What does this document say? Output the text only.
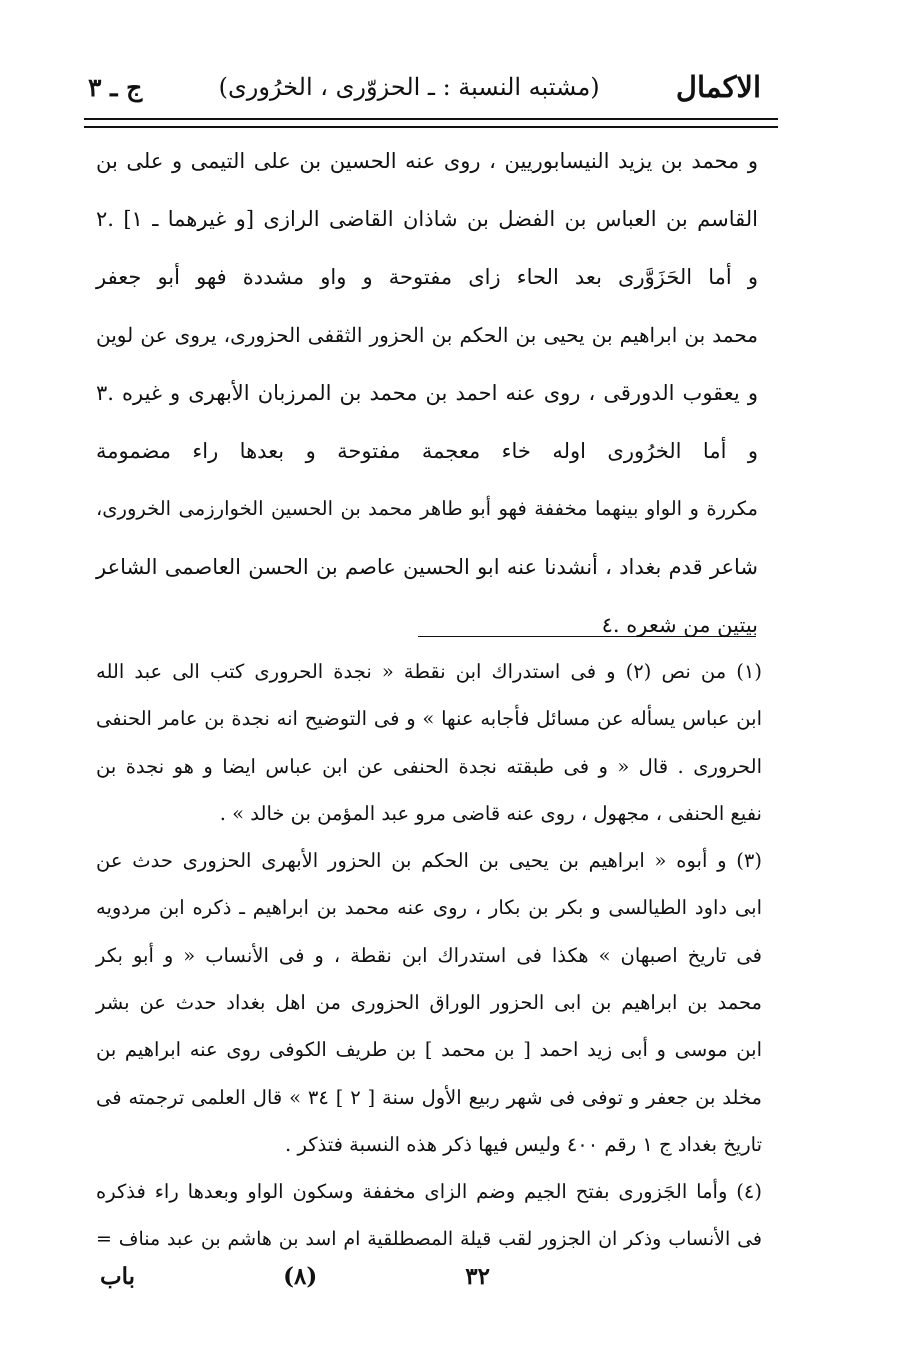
الاكمال
(مشتبه النسبة : ـ الحزوّرى ، الخرُورى)
ج ـ ٣
و محمد بن يزيد النيسابوريين ، روى عنه الحسين بن على التيمى و على بن
القاسم بن العباس بن الفضل بن شاذان القاضى الرازى [و غيرهما ـ ١] .٢
و أما الحَزَوَّرى بعد الحاء زاى مفتوحة و واو مشددة فهو أبو جعفر
محمد بن ابراهيم بن يحيى بن الحكم بن الحزور الثقفى الحزورى، يروى عن لوين
و يعقوب الدورقى ، روى عنه احمد بن محمد بن المرزبان الأبهرى و غيره .٣
و أما الخرُورى اوله خاء معجمة مفتوحة و بعدها راء مضمومة
مكررة و الواو بينهما مخففة فهو أبو طاهر محمد بن الحسين الخوارزمى الخرورى،
شاعر قدم بغداد ، أنشدنا عنه ابو الحسين عاصم بن الحسن العاصمى الشاعر
بيتين من شعره .٤
(١) من نص (٢) و فى استدراك ابن نقطة « نجدة الحرورى كتب الى عبد الله
ابن عباس يسأله عن مسائل فأجابه عنها » و فى التوضيح انه نجدة بن عامر الحنفى
الحرورى . قال « و فى طبقته نجدة الحنفى عن ابن عباس ايضا و هو نجدة بن
نفيع الحنفى ، مجهول ، روى عنه قاضى مرو عبد المؤمن بن خالد » .
(٣) و أبوه « ابراهيم بن يحيى بن الحكم بن الحزور الأبهرى الحزورى حدث عن
ابى داود الطيالسى و بكر بن بكار ، روى عنه محمد بن ابراهيم ـ ذكره ابن مردويه
فى تاريخ اصبهان » هكذا فى استدراك ابن نقطة ، و فى الأنساب « و أبو بكر
محمد بن ابراهيم بن ابى الحزور الوراق الحزورى من اهل بغداد حدث عن بشر
ابن موسى و أبى زيد احمد [ بن محمد ] بن طريف الكوفى روى عنه ابراهيم بن
مخلد بن جعفر و توفى فى شهر ربيع الأول سنة [ ٢ ] ٣٤ » قال العلمى ترجمته فى
تاريخ بغداد ج ١ رقم ٤٠٠ وليس فيها ذكر هذه النسبة فتذكر .
(٤) وأما الجَزورى بفتح الجيم وضم الزاى مخففة وسكون الواو وبعدها راء فذكره
فى الأنساب وذكر ان الجزور لقب قيلة المصطلقية ام اسد بن هاشم بن عبد مناف =
٣٢
(٨)
باب
